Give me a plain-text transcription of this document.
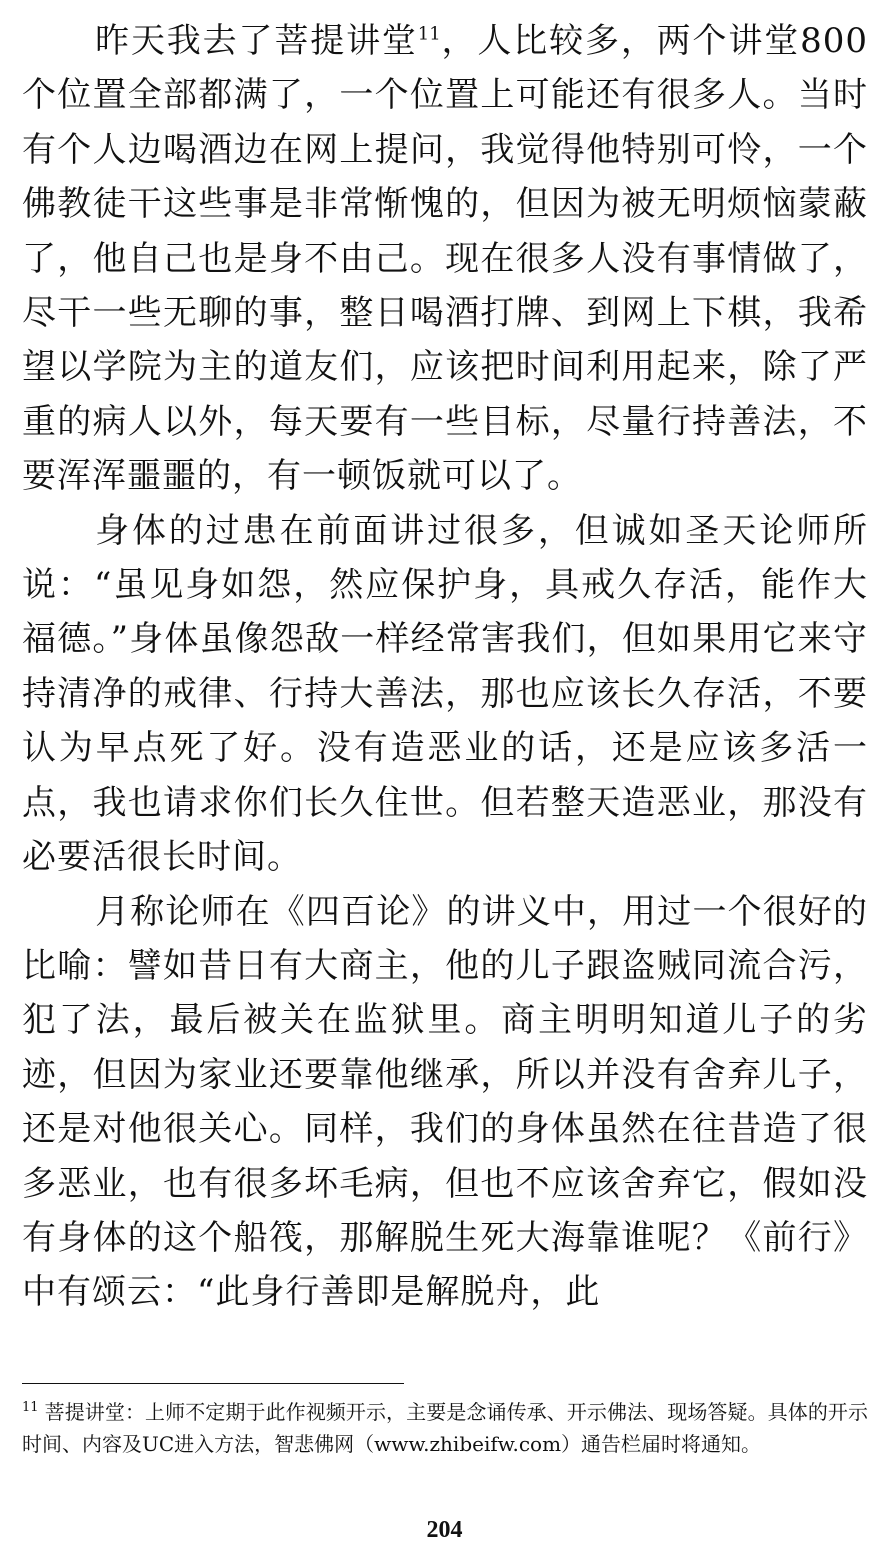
昨天我去了菩提讲堂$^{11}$，人比较多，两个讲堂800个位置全部都满了，一个位置上可能还有很多人。当时有个人边喝酒边在网上提问，我觉得他特别可怜，一个佛教徒干这些事是非常惭愧的，但因为被无明烦恼蒙蔽了，他自己也是身不由己。现在很多人没有事情做了，尽干一些无聊的事，整日喝酒打牌、到网上下棋，我希望以学院为主的道友们，应该把时间利用起来，除了严重的病人以外，每天要有一些目标，尽量行持善法，不要浑浑噩噩的，有一顿饭就可以了。

身体的过患在前面讲过很多，但诚如圣天论师所说：“虽见身如怨，然应保护身，具戒久存活，能作大福德。”身体虽像怨敌一样经常害我们，但如果用它来守持清净的戒律、行持大善法，那也应该长久存活，不要认为早点死了好。没有造恶业的话，还是应该多活一点，我也请求你们长久住世。但若整天造恶业，那没有必要活很长时间。

月称论师在《四百论》的讲义中，用过一个很好的比喻：譬如昔日有大商主，他的儿子跟盗贼同流合污，犯了法，最后被关在监狱里。商主明明知道儿子的劣迹，但因为家业还要靠他继承，所以并没有舍弃儿子，还是对他很关心。同样，我们的身体虽然在往昔造了很多恶业，也有很多坏毛病，但也不应该舍弃它，假如没有身体的这个船筏，那解脱生死大海靠谁呢？《前行》中有颂云：“此身行善即是解脱舟，此

$^{11}$ 菩提讲堂：上师不定期于此作视频开示，主要是念诵传承、开示佛法、现场答疑。具体的开示时间、内容及UC进入方法，智悲佛网（www.zhibeifw.com）通告栏届时将通知。

204
